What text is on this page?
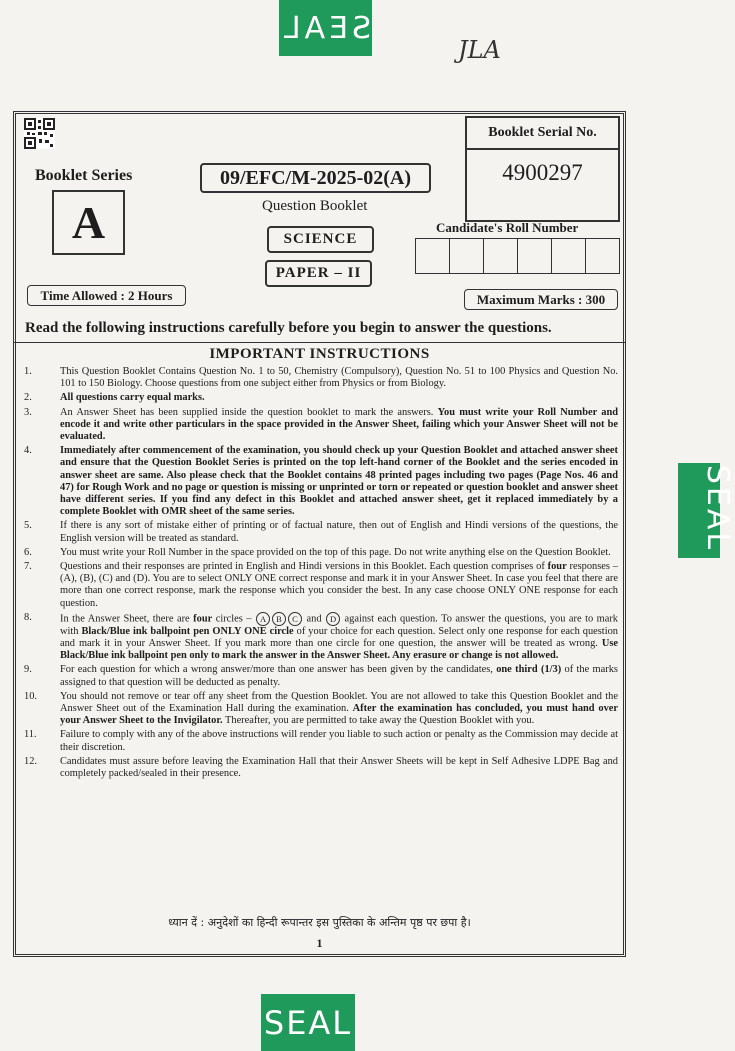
SEAL
JLA
SEAL
Booklet Serial No.
4900297
Booklet Series
A
09/EFC/M-2025-02(A)
Question Booklet
SCIENCE
PAPER – II
Candidate's Roll Number
Time Allowed : 2 Hours	Maximum Marks : 300
Read the following instructions carefully before you begin to answer the questions.
IMPORTANT INSTRUCTIONS
1.	This Question Booklet Contains Question No. 1 to 50, Chemistry (Compulsory), Question No. 51 to 100 Physics and Question No. 101 to 150 Biology. Choose questions from one subject either from Physics or from Biology.
2.	All questions carry equal marks.
3.	An Answer Sheet has been supplied inside the question booklet to mark the answers. You must write your Roll Number and encode it and write other particulars in the space provided in the Answer Sheet, failing which your Answer Sheet will not be evaluated.
4.	Immediately after commencement of the examination, you should check up your Question Booklet and attached answer sheet and ensure that the Question Booklet Series is printed on the top left-hand corner of the Booklet and the series encoded in answer sheet are same. Also please check that the Booklet contains 48 printed pages including two pages (Page Nos. 46 and 47) for Rough Work and no page or question is missing or unprinted or torn or repeated or question booklet and answer sheet have different series. If you find any defect in this Booklet and attached answer sheet, get it replaced immediately by a complete Booklet with OMR sheet of the same series.
5.	If there is any sort of mistake either of printing or of factual nature, then out of English and Hindi versions of the questions, the English version will be treated as standard.
6.	You must write your Roll Number in the space provided on the top of this page. Do not write anything else on the Question Booklet.
7.	Questions and their responses are printed in English and Hindi versions in this Booklet. Each question comprises of four responses – (A), (B), (C) and (D). You are to select ONLY ONE correct response and mark it in your Answer Sheet. In case you feel that there are more than one correct response, mark the response which you consider the best. In any case choose ONLY ONE response for each question.
8.	In the Answer Sheet, there are four circles – A B C and D against each question. To answer the questions, you are to mark with Black/Blue ink ballpoint pen ONLY ONE circle of your choice for each question. Select only one response for each question and mark it in your Answer Sheet. If you mark more than one circle for one question, the answer will be treated as wrong. Use Black/Blue ink ballpoint pen only to mark the answer in the Answer Sheet. Any erasure or change is not allowed.
9.	For each question for which a wrong answer/more than one answer has been given by the candidates, one third (1/3) of the marks assigned to that question will be deducted as penalty.
10.	You should not remove or tear off any sheet from the Question Booklet. You are not allowed to take this Question Booklet and the Answer Sheet out of the Examination Hall during the examination. After the examination has concluded, you must hand over your Answer Sheet to the Invigilator. Thereafter, you are permitted to take away the Question Booklet with you.
11.	Failure to comply with any of the above instructions will render you liable to such action or penalty as the Commission may decide at their discretion.
12.	Candidates must assure before leaving the Examination Hall that their Answer Sheets will be kept in Self Adhesive LDPE Bag and completely packed/sealed in their presence.
ध्यान दें : अनुदेशों का हिन्दी रूपान्तर इस पुस्तिका के अन्तिम पृष्ठ पर छपा है।
1
SEAL
